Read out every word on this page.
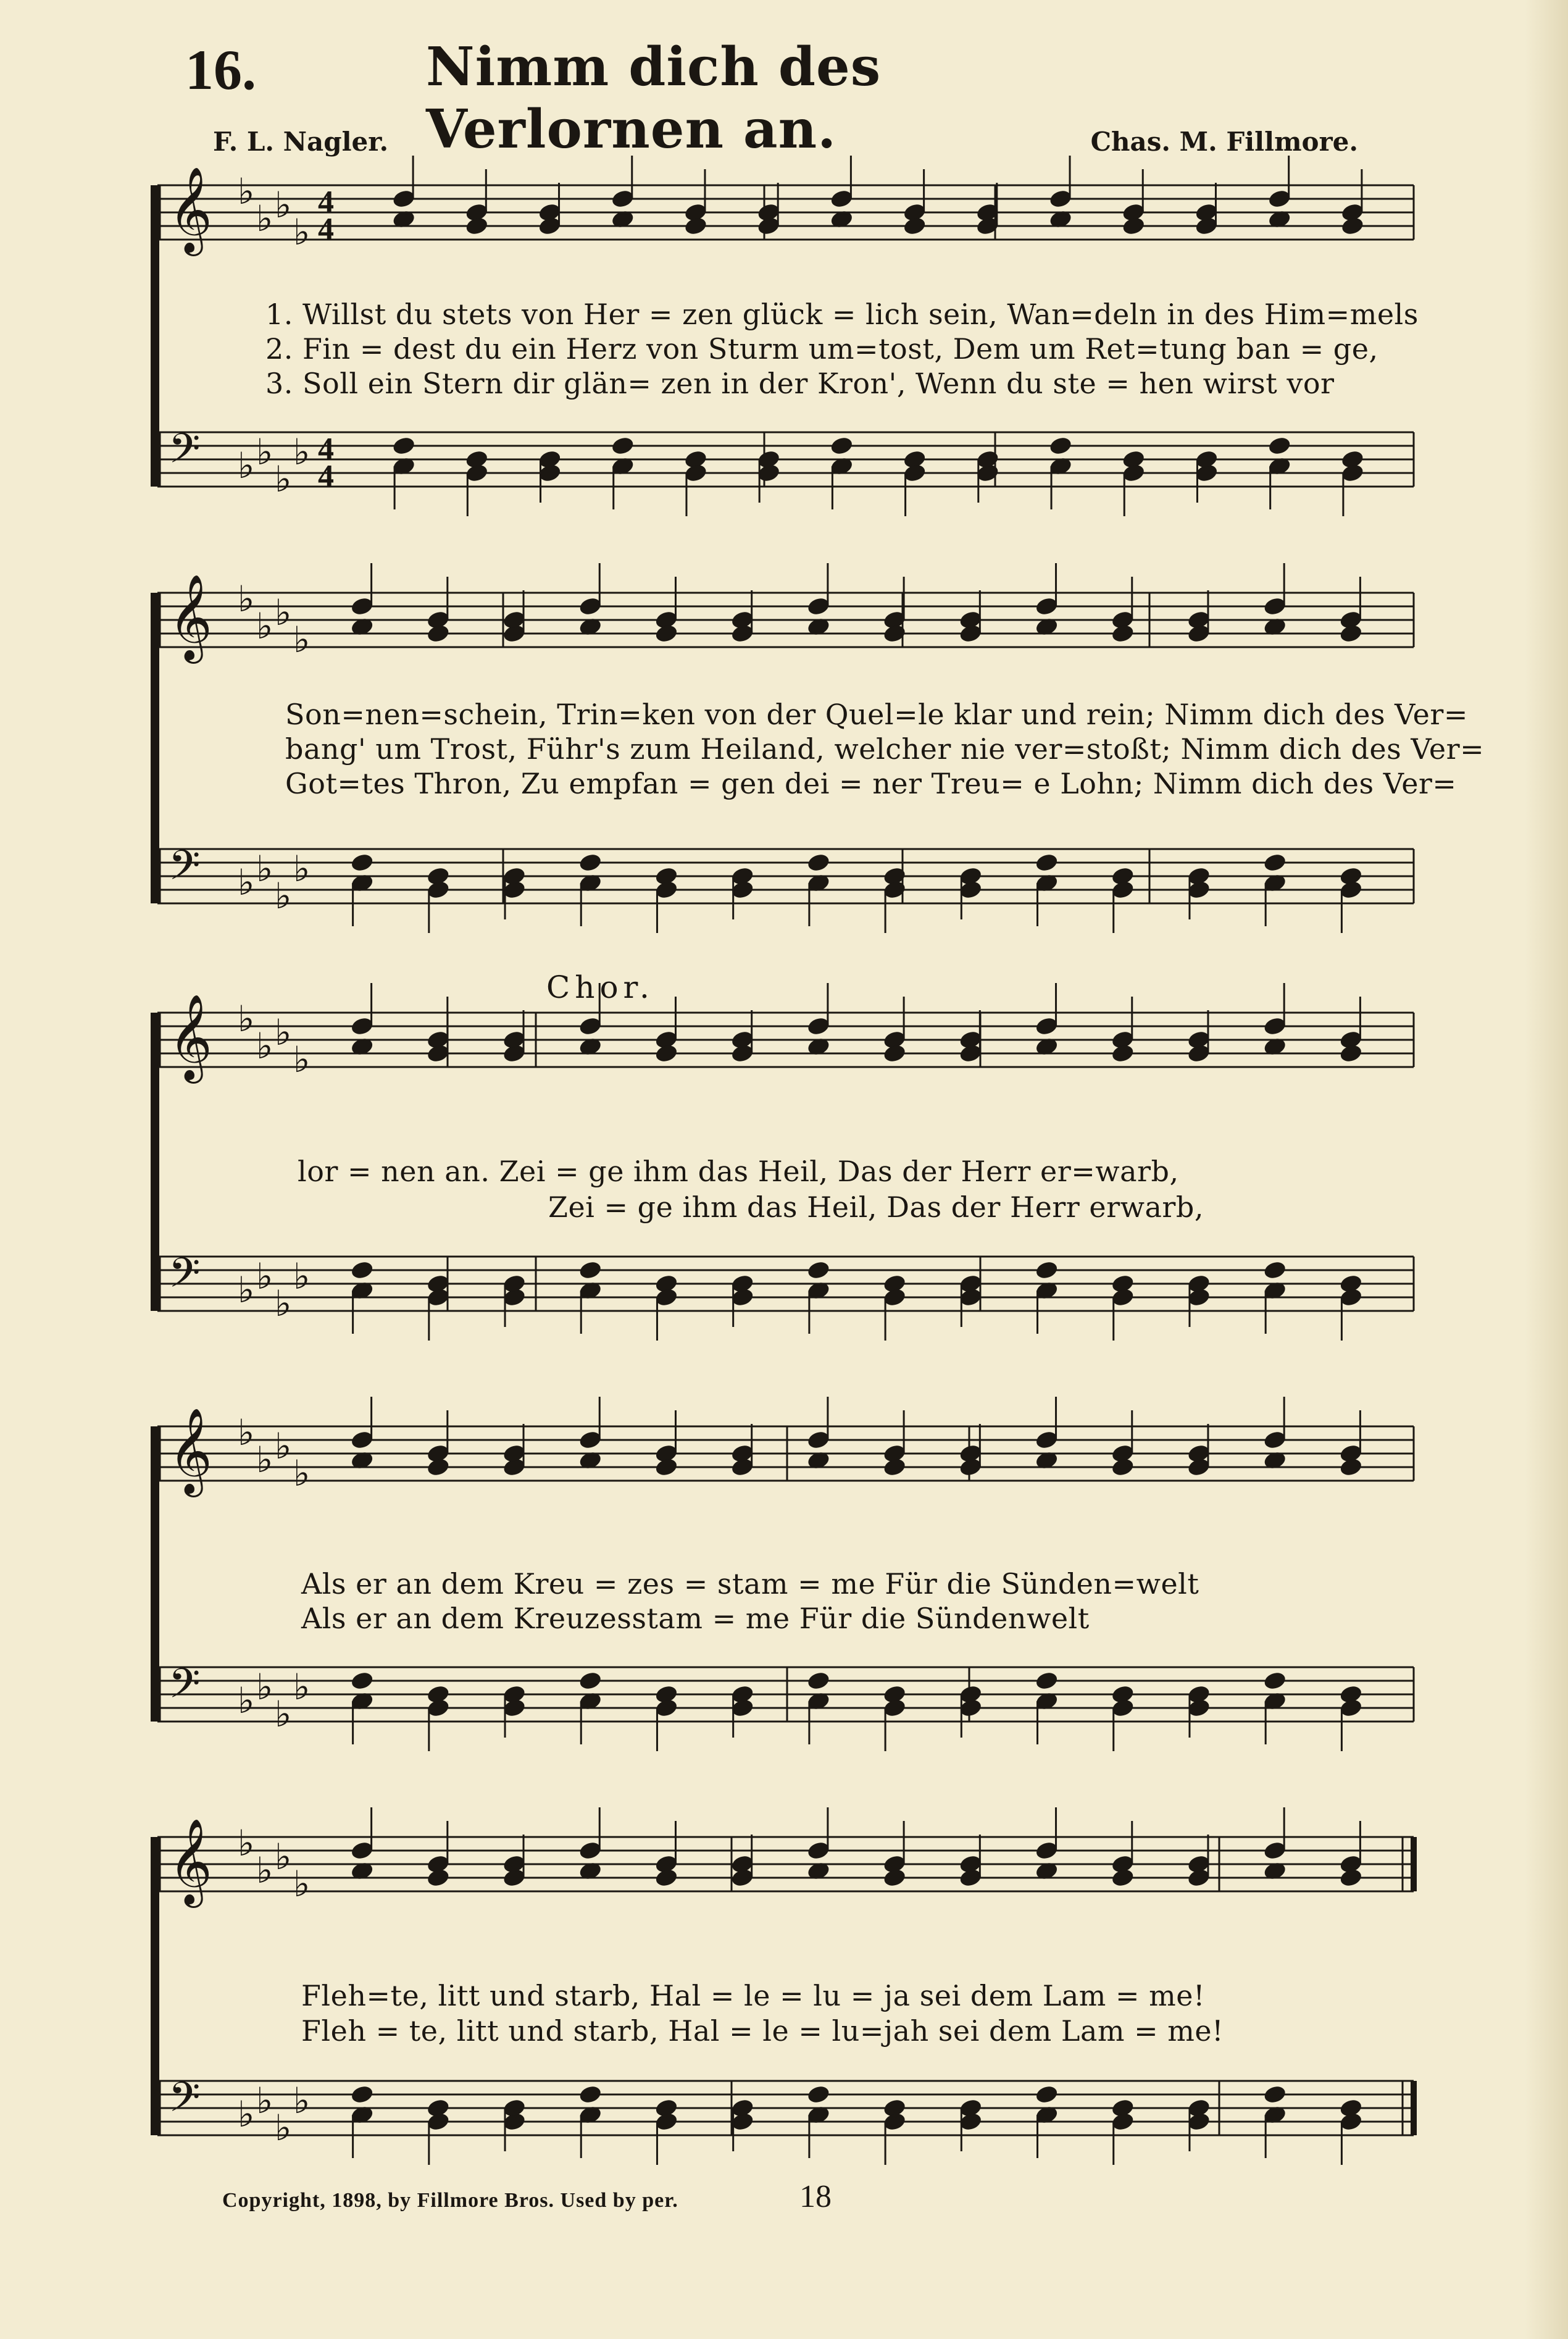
16.	Nimm dich des Verlornen an.
F. L. Nagler.	Chas. M. Fillmore.
𝄞 ♭
♭ ♭
♭
4
4
𝄢 ♭ ♭
♭
♭ 4
4
𝄞 ♭
♭ ♭
♭
𝄢 ♭ ♭
♭
♭
𝄞 ♭
♭ ♭
♭
𝄢 ♭ ♭
♭
♭
𝄞 ♭
♭ ♭
♭
𝄢 ♭ ♭
♭
♭
𝄞 ♭
♭ ♭
♭
𝄢 ♭ ♭
♭
♭
1. Willst du stets von Her = zen glück = lich sein, Wan=deln in des Him=mels
2. Fin = dest du ein Herz von Sturm um=tost, Dem um Ret=tung ban = ge,
3. Soll ein Stern dir glän= zen in der Kron', Wenn du ste = hen wirst vor
Son=nen=schein, Trin=ken von der Quel=le klar und rein; Nimm dich des Ver=
bang' um Trost, Führ's zum Heiland, welcher nie ver=stoßt; Nimm dich des Ver=
Got=tes Thron, Zu empfan = gen dei = ner Treu= e Lohn; Nimm dich des Ver=
Chor.
lor = nen an. Zei = ge ihm das Heil, Das der Herr er=warb,
Zei = ge ihm das Heil, Das der Herr erwarb,
Als er an dem Kreu = zes = stam = me Für die Sünden=welt
Als er an dem Kreuzesstam = me Für die Sündenwelt
Fleh=te, litt und starb, Hal = le = lu = ja sei dem Lam = me!
Fleh = te, litt und starb, Hal = le = lu=jah sei dem Lam = me!
Copyright, 1898, by Fillmore Bros. Used by per.	18
